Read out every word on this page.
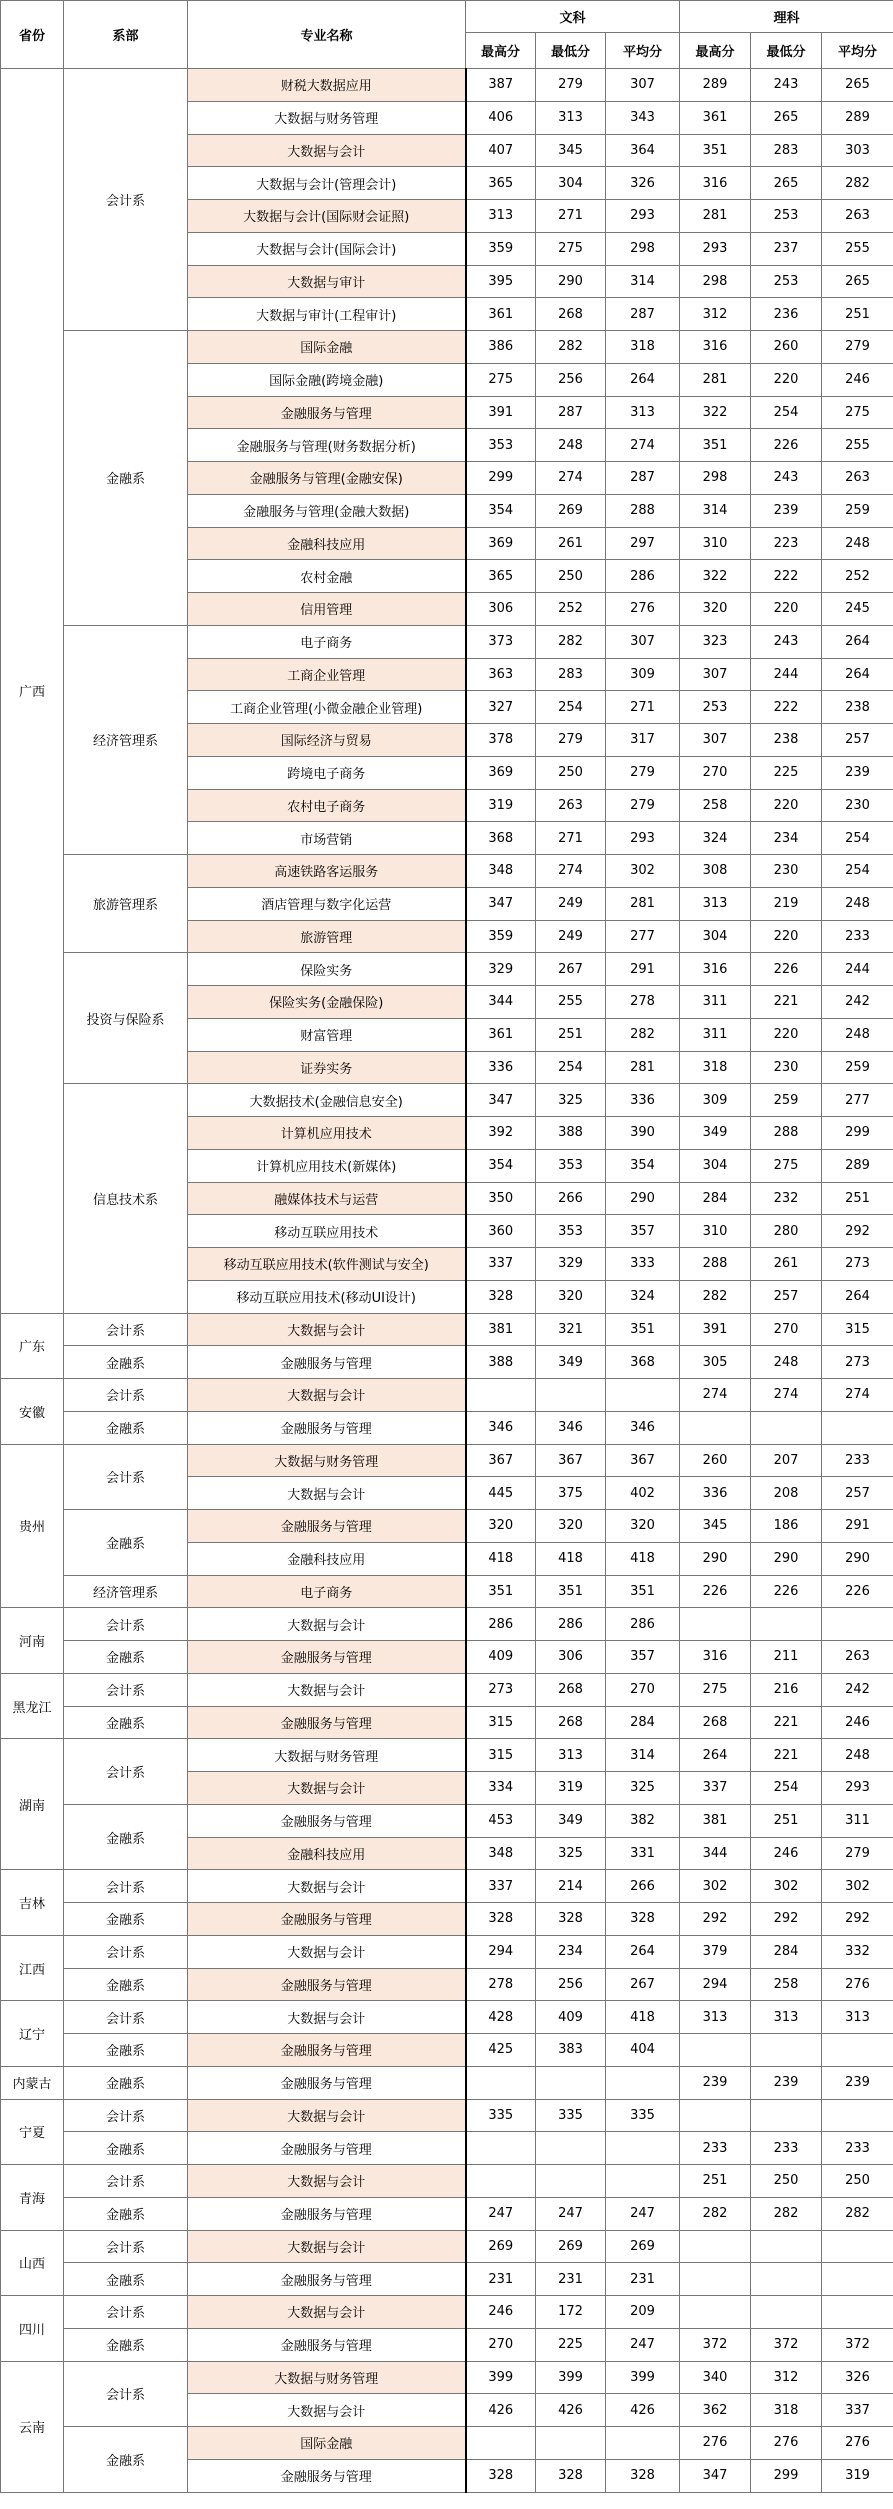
省份	系部	专业名称	文科			理科		
			最高分	最低分	平均分	最高分	最低分	平均分
广西	会计系	财税大数据应用	387	279	307	289	243	265
		大数据与财务管理	406	313	343	361	265	289
		大数据与会计	407	345	364	351	283	303
		大数据与会计(管理会计)	365	304	326	316	265	282
		大数据与会计(国际财会证照)	313	271	293	281	253	263
		大数据与会计(国际会计)	359	275	298	293	237	255
		大数据与审计	395	290	314	298	253	265
		大数据与审计(工程审计)	361	268	287	312	236	251
	金融系	国际金融	386	282	318	316	260	279
		国际金融(跨境金融)	275	256	264	281	220	246
		金融服务与管理	391	287	313	322	254	275
		金融服务与管理(财务数据分析)	353	248	274	351	226	255
		金融服务与管理(金融安保)	299	274	287	298	243	263
		金融服务与管理(金融大数据)	354	269	288	314	239	259
		金融科技应用	369	261	297	310	223	248
		农村金融	365	250	286	322	222	252
		信用管理	306	252	276	320	220	245
	经济管理系	电子商务	373	282	307	323	243	264
		工商企业管理	363	283	309	307	244	264
		工商企业管理(小微金融企业管理)	327	254	271	253	222	238
		国际经济与贸易	378	279	317	307	238	257
		跨境电子商务	369	250	279	270	225	239
		农村电子商务	319	263	279	258	220	230
		市场营销	368	271	293	324	234	254
	旅游管理系	高速铁路客运服务	348	274	302	308	230	254
		酒店管理与数字化运营	347	249	281	313	219	248
		旅游管理	359	249	277	304	220	233
	投资与保险系	保险实务	329	267	291	316	226	244
		保险实务(金融保险)	344	255	278	311	221	242
		财富管理	361	251	282	311	220	248
		证券实务	336	254	281	318	230	259
	信息技术系	大数据技术(金融信息安全)	347	325	336	309	259	277
		计算机应用技术	392	388	390	349	288	299
		计算机应用技术(新媒体)	354	353	354	304	275	289
		融媒体技术与运营	350	266	290	284	232	251
		移动互联应用技术	360	353	357	310	280	292
		移动互联应用技术(软件测试与安全)	337	329	333	288	261	273
		移动互联应用技术(移动UI设计)	328	320	324	282	257	264
广东	会计系	大数据与会计	381	321	351	391	270	315
	金融系	金融服务与管理	388	349	368	305	248	273
安徽	会计系	大数据与会计				274	274	274
	金融系	金融服务与管理	346	346	346			
贵州	会计系	大数据与财务管理	367	367	367	260	207	233
		大数据与会计	445	375	402	336	208	257
	金融系	金融服务与管理	320	320	320	345	186	291
		金融科技应用	418	418	418	290	290	290
	经济管理系	电子商务	351	351	351	226	226	226
河南	会计系	大数据与会计	286	286	286			
	金融系	金融服务与管理	409	306	357	316	211	263
黑龙江	会计系	大数据与会计	273	268	270	275	216	242
	金融系	金融服务与管理	315	268	284	268	221	246
湖南	会计系	大数据与财务管理	315	313	314	264	221	248
		大数据与会计	334	319	325	337	254	293
	金融系	金融服务与管理	453	349	382	381	251	311
		金融科技应用	348	325	331	344	246	279
吉林	会计系	大数据与会计	337	214	266	302	302	302
	金融系	金融服务与管理	328	328	328	292	292	292
江西	会计系	大数据与会计	294	234	264	379	284	332
	金融系	金融服务与管理	278	256	267	294	258	276
辽宁	会计系	大数据与会计	428	409	418	313	313	313
	金融系	金融服务与管理	425	383	404			
内蒙古	金融系	金融服务与管理				239	239	239
宁夏	会计系	大数据与会计	335	335	335			
	金融系	金融服务与管理				233	233	233
青海	会计系	大数据与会计				251	250	250
	金融系	金融服务与管理	247	247	247	282	282	282
山西	会计系	大数据与会计	269	269	269			
	金融系	金融服务与管理	231	231	231			
四川	会计系	大数据与会计	246	172	209			
	金融系	金融服务与管理	270	225	247	372	372	372
云南	会计系	大数据与财务管理	399	399	399	340	312	326
		大数据与会计	426	426	426	362	318	337
	金融系	国际金融				276	276	276
		金融服务与管理	328	328	328	347	299	319
